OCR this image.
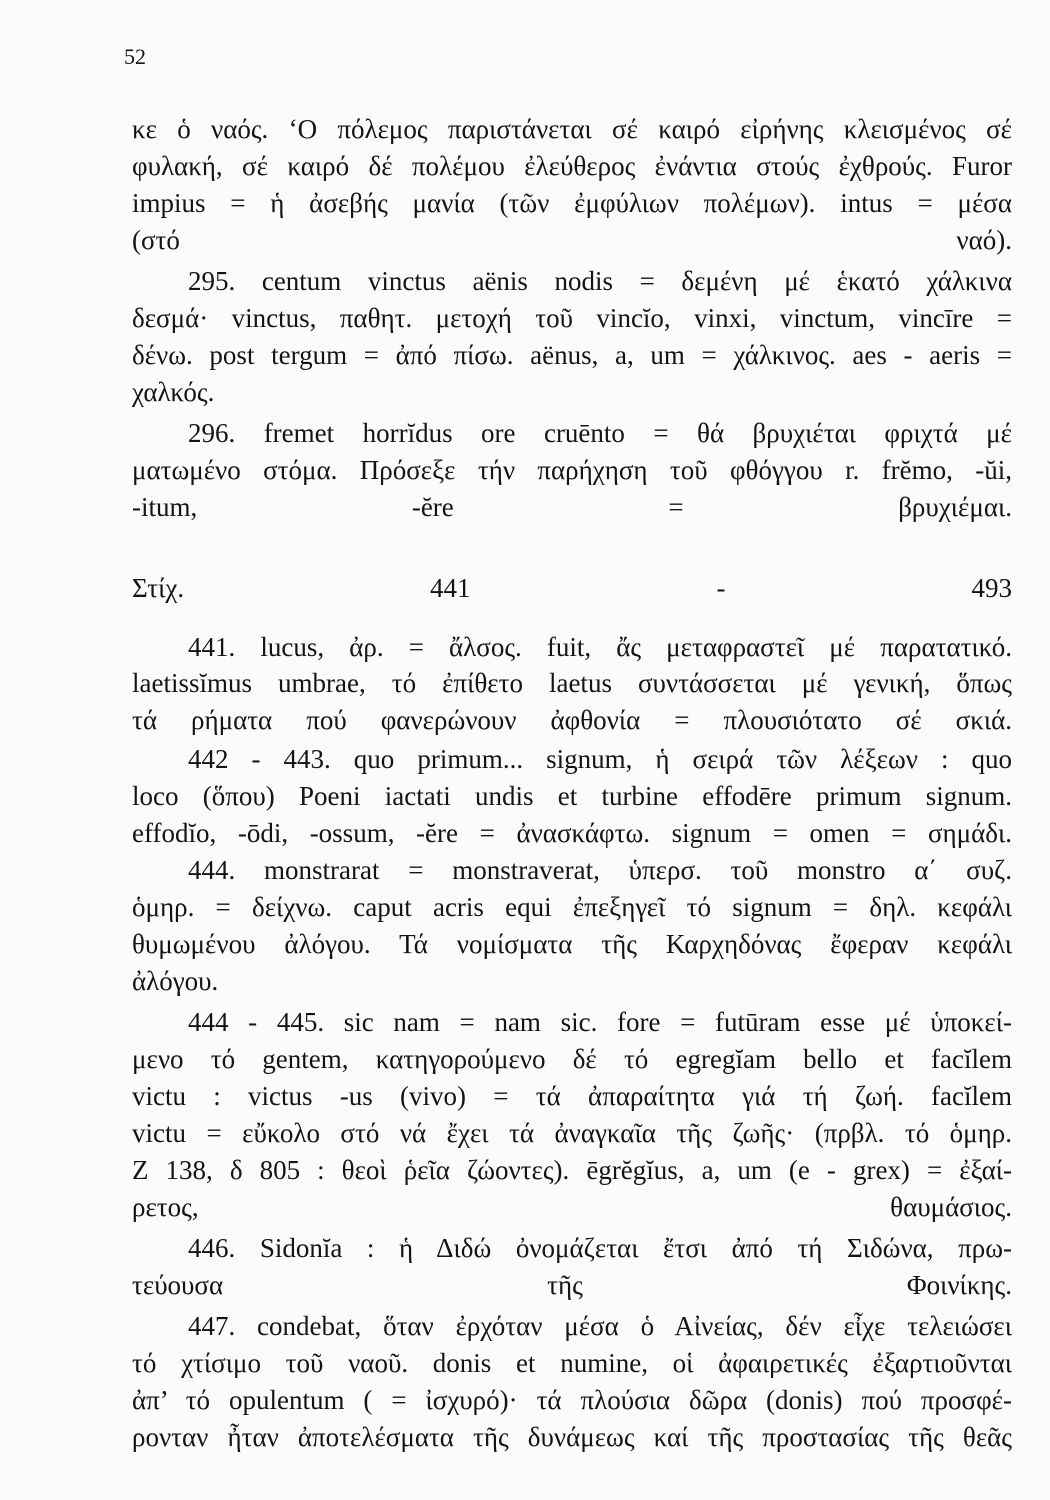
52
κε ὁ ναός. ‘Ο πόλεμος παριστάνεται σέ καιρό εἰρήνης κλεισμένος σέ
φυλακή, σέ καιρό δέ πολέμου ἐλεύθερος ἐνάντια στούς ἐχθρούς. Furor
impius = ἡ ἀσεβής μανία (τῶν ἐμφύλιων πολέμων). intus = μέσα
(στό ναό).
295. centum vinctus aënis nodis = δεμένη μέ ἑκατό χάλκινα
δεσμά· vinctus, παθητ. μετοχή τοῦ vincĭo, vinxi, vinctum, vincīre =
δένω. post tergum = ἀπό πίσω. aënus, a, um = χάλκινος. aes - aeris =
χαλκός.
296. fremet horrĭdus ore cruēnto = θά βρυχιέται φριχτά μέ
ματωμένο στόμα. Πρόσεξε τήν παρήχηση τοῦ φθόγγου r. frĕmo, -ŭi,
-itum, -ĕre = βρυχιέμαι.
Στίχ. 441 - 493
441. lucus, ἀρ. = ἄλσος. fuit, ἄς μεταφραστεῖ μέ παρατατικό.
laetissĭmus umbrae, τό ἐπίθετο laetus συντάσσεται μέ γενική, ὅπως
τά ρήματα πού φανερώνουν ἀφθονία = πλουσιότατο σέ σκιά.
442 - 443. quo primum... signum, ἡ σειρά τῶν λέξεων : quo
loco (ὅπου) Poeni iactati undis et turbine effodēre primum signum.
effodĭo, -ōdi, -ossum, -ĕre = ἀνασκάφτω. signum = omen = σημάδι.
444. monstrarat = monstraverat, ὑπερσ. τοῦ monstro α΄ συζ.
ὁμηρ. = δείχνω. caput acris equi ἐπεξηγεῖ τό signum = δηλ. κεφάλι
θυμωμένου ἀλόγου. Τά νομίσματα τῆς Καρχηδόνας ἔφεραν κεφάλι
ἀλόγου.
444 - 445. sic nam = nam sic. fore = futūram esse μέ ὑποκεί-
μενο τό gentem, κατηγορούμενο δέ τό egregĭam bello et facĭlem
victu : victus -us (vivo) = τά ἀπαραίτητα γιά τή ζωή. facĭlem
victu = εὔκολο στό νά ἔχει τά ἀναγκαῖα τῆς ζωῆς· (πρβλ. τό ὁμηρ.
Z 138, δ 805 : θεοὶ ῥεῖα ζώοντες). ēgrĕgĭus, a, um (e - grex) = ἐξαί-
ρετος, θαυμάσιος.
446. Sidonĭa : ἡ Διδώ ὀνομάζεται ἔτσι ἀπό τή Σιδώνα, πρω-
τεύουσα τῆς Φοινίκης.
447. condebat, ὅταν ἐρχόταν μέσα ὁ Αἰνείας, δέν εἶχε τελειώσει
τό χτίσιμο τοῦ ναοῦ. donis et numine, οἱ ἀφαιρετικές ἐξαρτιοῦνται
ἀπ’ τό opulentum ( = ἰσχυρό)· τά πλούσια δῶρα (donis) πού προσφέ-
ρονταν ἦταν ἀποτελέσματα τῆς δυνάμεως καί τῆς προστασίας τῆς θεᾶς
